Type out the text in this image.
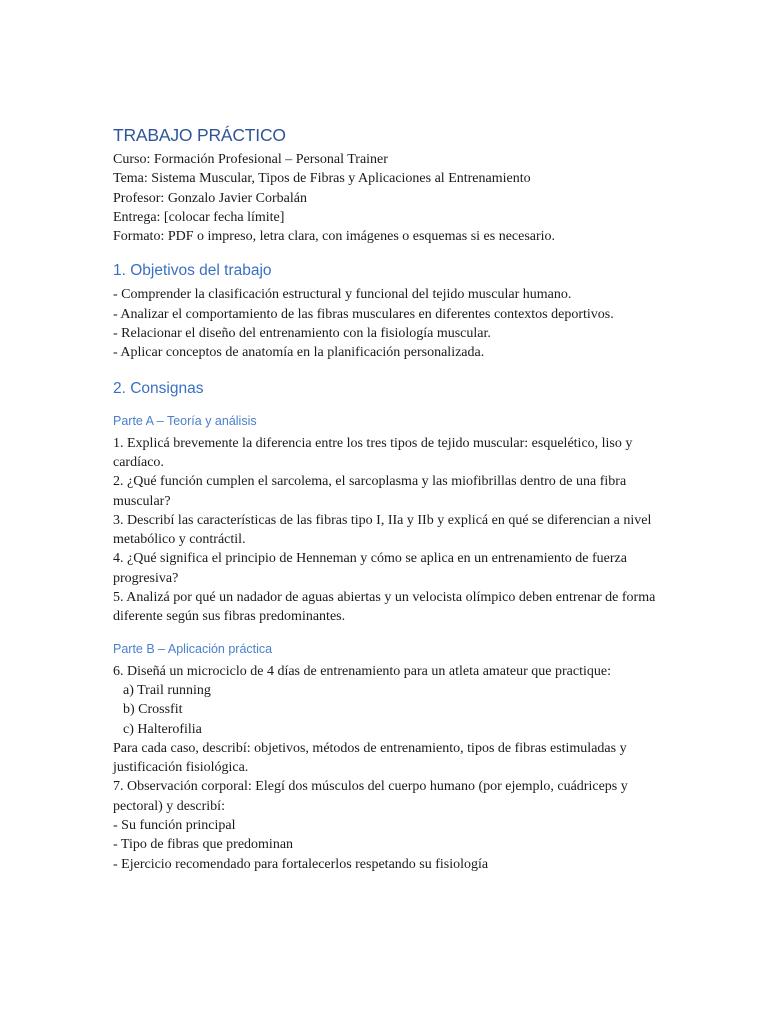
TRABAJO PRÁCTICO

Curso: Formación Profesional – Personal Trainer

Tema: Sistema Muscular, Tipos de Fibras y Aplicaciones al Entrenamiento

Profesor: Gonzalo Javier Corbalán

Entrega: [colocar fecha límite]

Formato: PDF o impreso, letra clara, con imágenes o esquemas si es necesario.

1. Objetivos del trabajo

- Comprender la clasificación estructural y funcional del tejido muscular humano.

- Analizar el comportamiento de las fibras musculares en diferentes contextos deportivos.

- Relacionar el diseño del entrenamiento con la fisiología muscular.

- Aplicar conceptos de anatomía en la planificación personalizada.

2. Consignas
Parte A – Teoría y análisis

1. Explicá brevemente la diferencia entre los tres tipos de tejido muscular: esquelético, liso y cardíaco.

2. ¿Qué función cumplen el sarcolema, el sarcoplasma y las miofibrillas dentro de una fibra muscular?

3. Describí las características de las fibras tipo I, IIa y IIb y explicá en qué se diferencian a nivel metabólico y contráctil.

4. ¿Qué significa el principio de Henneman y cómo se aplica en un entrenamiento de fuerza progresiva?

5. Analizá por qué un nadador de aguas abiertas y un velocista olímpico deben entrenar de forma diferente según sus fibras predominantes.

Parte B – Aplicación práctica

6. Diseñá un microciclo de 4 días de entrenamiento para un atleta amateur que practique:

a) Trail running

b) Crossfit

c) Halterofilia

Para cada caso, describí: objetivos, métodos de entrenamiento, tipos de fibras estimuladas y justificación fisiológica.

7. Observación corporal: Elegí dos músculos del cuerpo humano (por ejemplo, cuádriceps y pectoral) y describí:

- Su función principal

- Tipo de fibras que predominan

- Ejercicio recomendado para fortalecerlos respetando su fisiología
